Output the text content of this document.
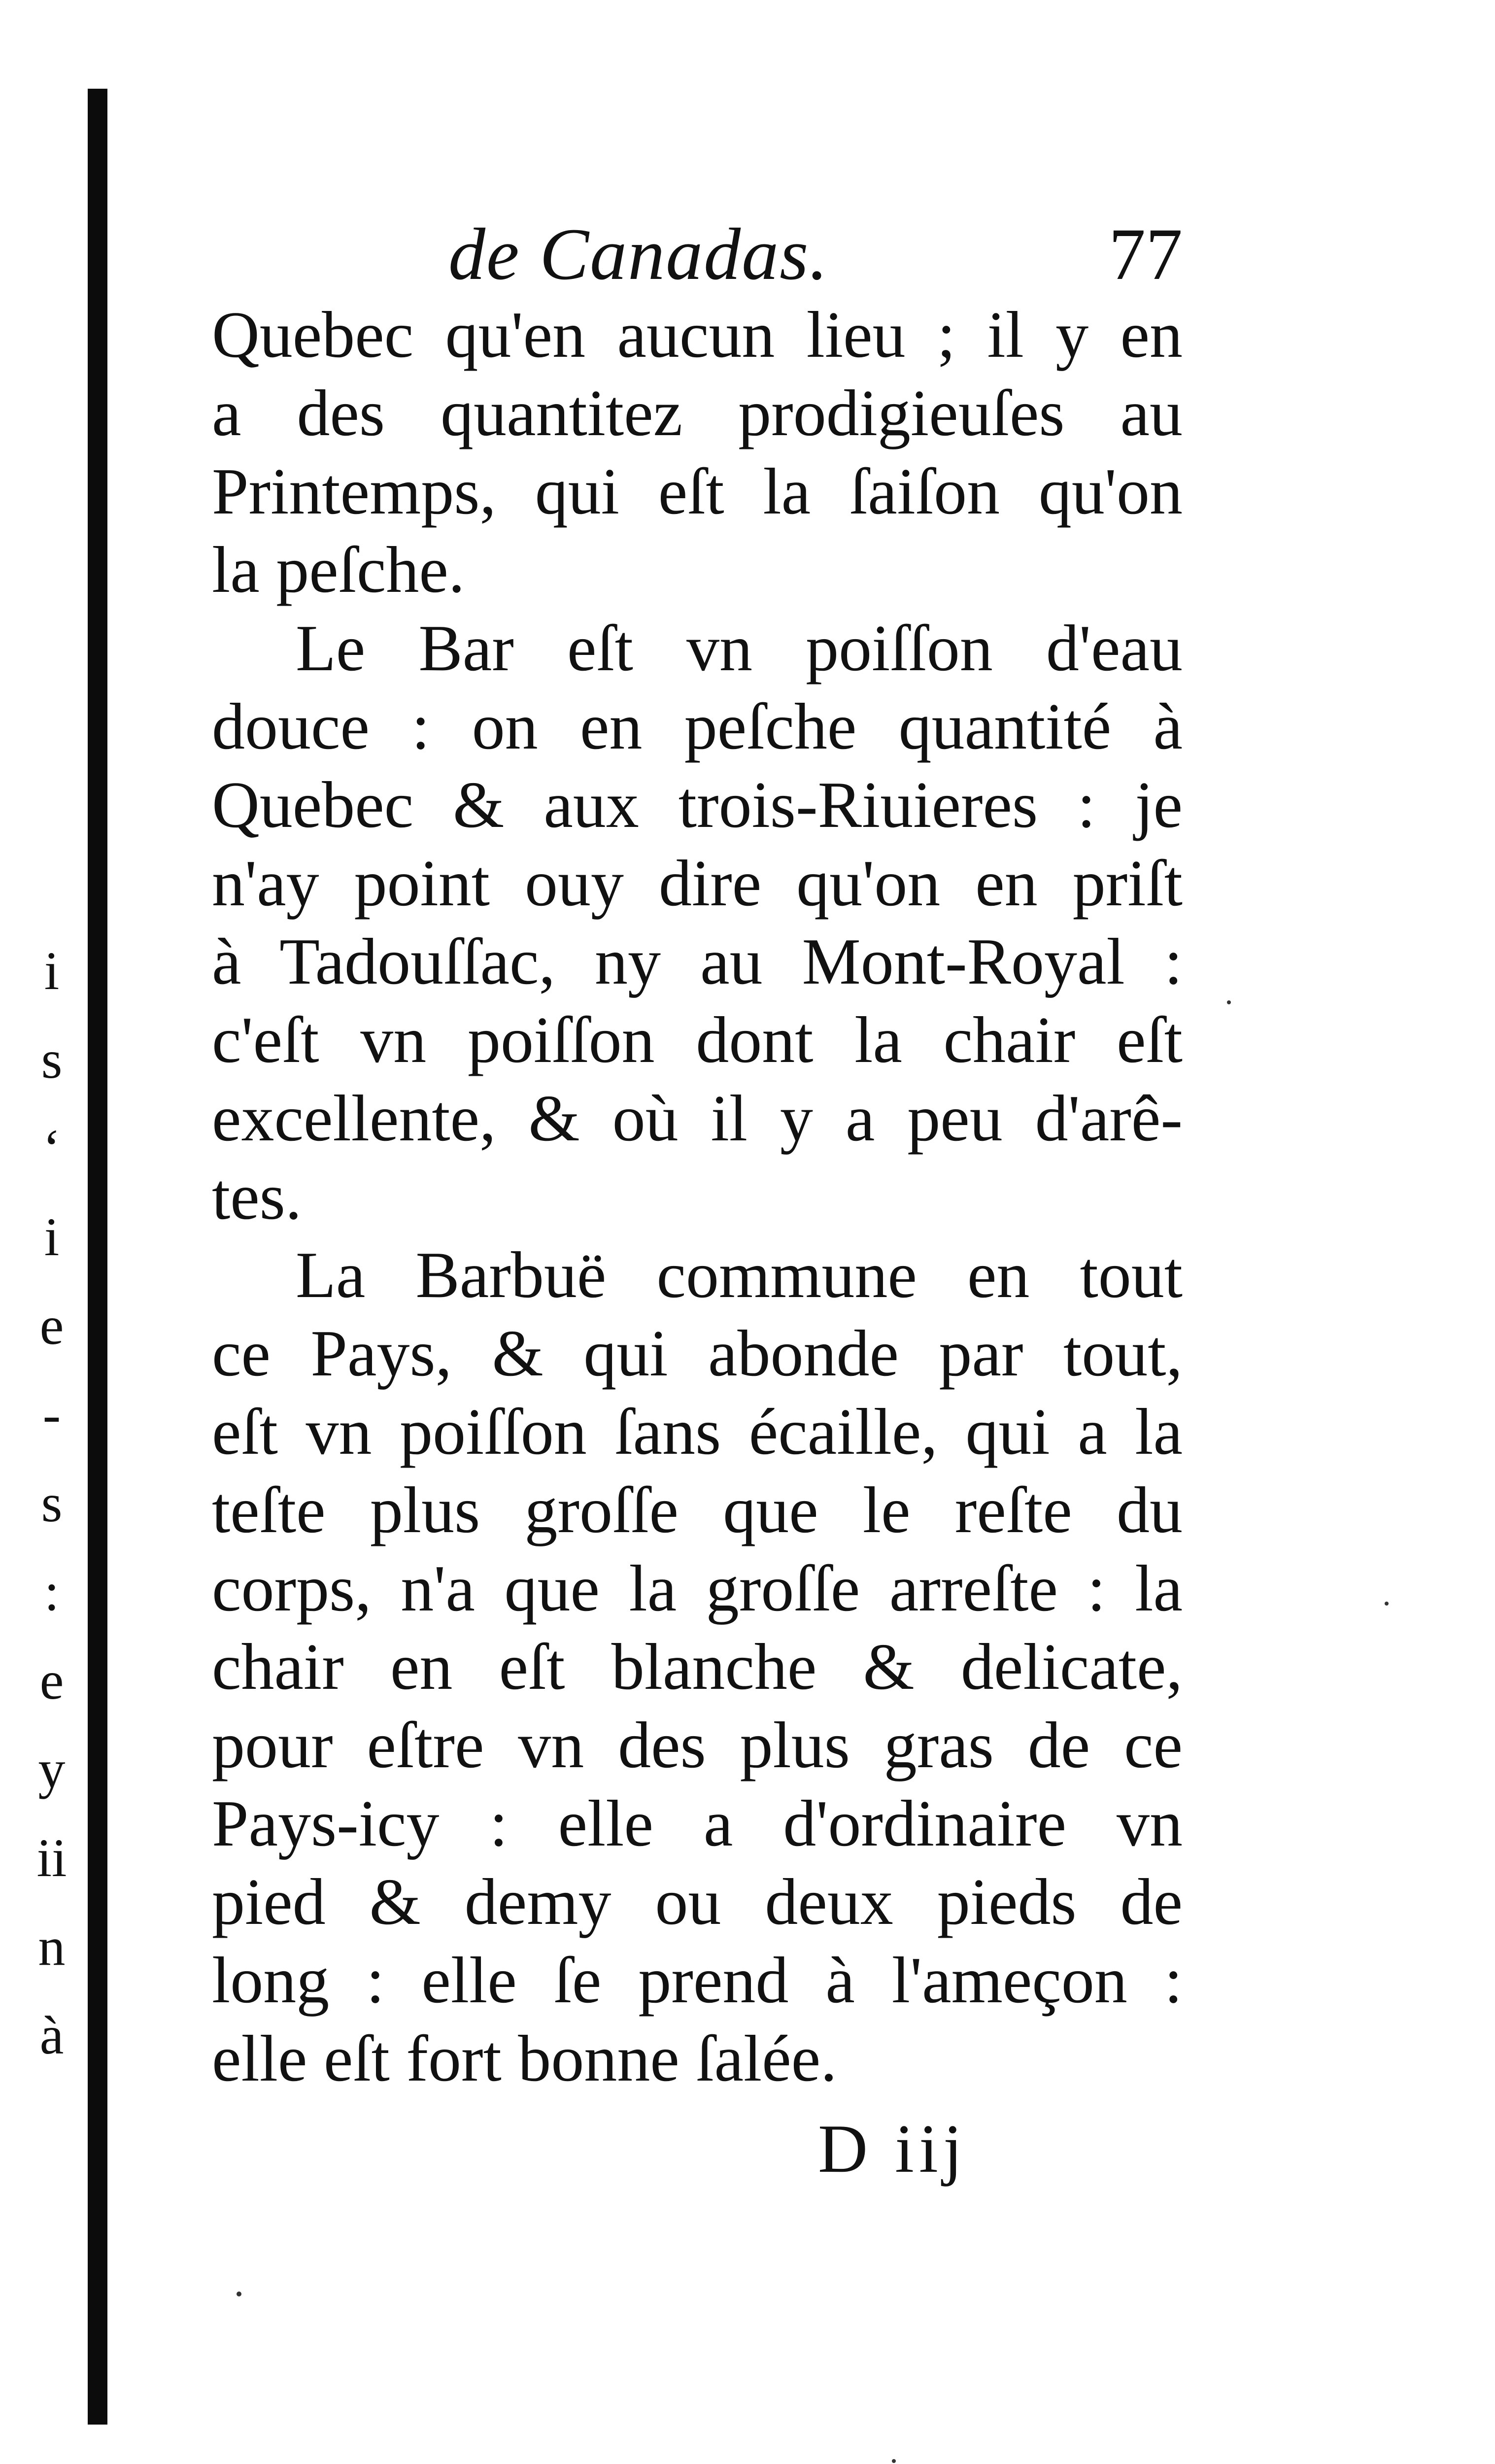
i
s
ʻ
i
e
-
s
:
e
y
ii
n
à
de Canadas.	77
Quebec qu'en aucun lieu ; il y en
a des quantitez prodigieuſes au
Printemps, qui eſt la ſaiſon qu'on
la peſche.
Le Bar eſt vn poiſſon d'eau
douce : on en peſche quantité à
Quebec & aux trois-Riuieres : je
n'ay point ouy dire qu'on en priſt
à Tadouſſac, ny au Mont-Royal :
c'eſt vn poiſſon dont la chair eſt
excellente, & où il y a peu d'arê-
tes.
La Barbuë commune en tout
ce Pays, & qui abonde par tout,
eſt vn poiſſon ſans écaille, qui a la
teſte plus groſſe que le reſte du
corps, n'a que la groſſe arreſte : la
chair en eſt blanche & delicate,
pour eſtre vn des plus gras de ce
Pays-icy : elle a d'ordinaire vn
pied & demy ou deux pieds de
long : elle ſe prend à l'ameçon :
elle eſt fort bonne ſalée.
D iij
